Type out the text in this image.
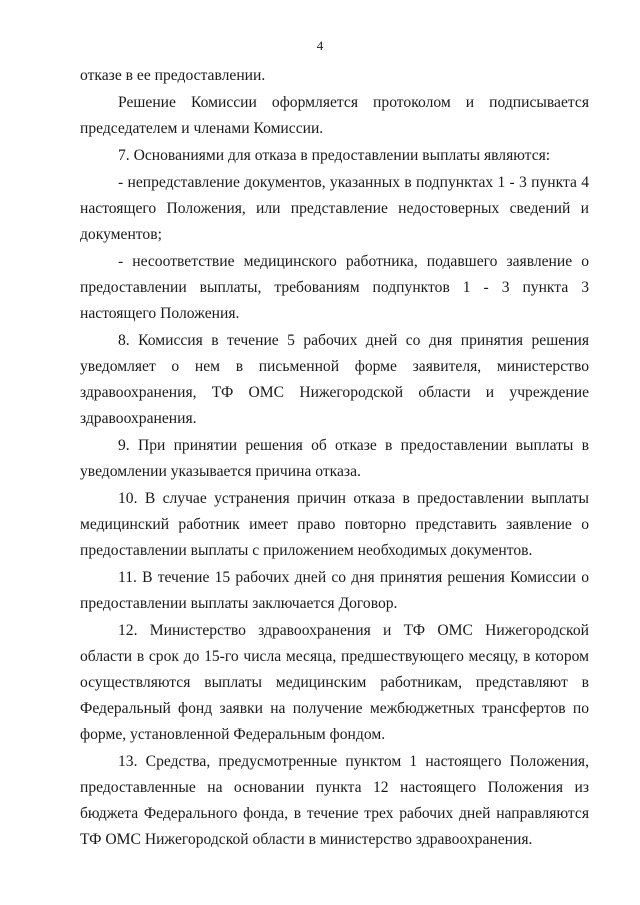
4

отказе в ее предоставлении.

Решение Комиссии оформляется протоколом и подписывается председателем и членами Комиссии.

7. Основаниями для отказа в предоставлении выплаты являются:

- непредставление документов, указанных в подпунктах 1 - 3 пункта 4 настоящего Положения, или представление недостоверных сведений и документов;

- несоответствие медицинского работника, подавшего заявление о предоставлении выплаты, требованиям подпунктов 1 - 3 пункта 3 настоящего Положения.

8. Комиссия в течение 5 рабочих дней со дня принятия решения уведомляет о нем в письменной форме заявителя, министерство здравоохранения, ТФ ОМС Нижегородской области и учреждение здравоохранения.

9. При принятии решения об отказе в предоставлении выплаты в уведомлении указывается причина отказа.

10. В случае устранения причин отказа в предоставлении выплаты медицинский работник имеет право повторно представить заявление о предоставлении выплаты с приложением необходимых документов.

11. В течение 15 рабочих дней со дня принятия решения Комиссии о предоставлении выплаты заключается Договор.

12. Министерство здравоохранения и ТФ ОМС Нижегородской области в срок до 15-го числа месяца, предшествующего месяцу, в котором осуществляются выплаты медицинским работникам, представляют в Федеральный фонд заявки на получение межбюджетных трансфертов по форме, установленной Федеральным фондом.

13. Средства, предусмотренные пунктом 1 настоящего Положения, предоставленные на основании пункта 12 настоящего Положения из бюджета Федерального фонда, в течение трех рабочих дней направляются ТФ ОМС Нижегородской области в министерство здравоохранения.
